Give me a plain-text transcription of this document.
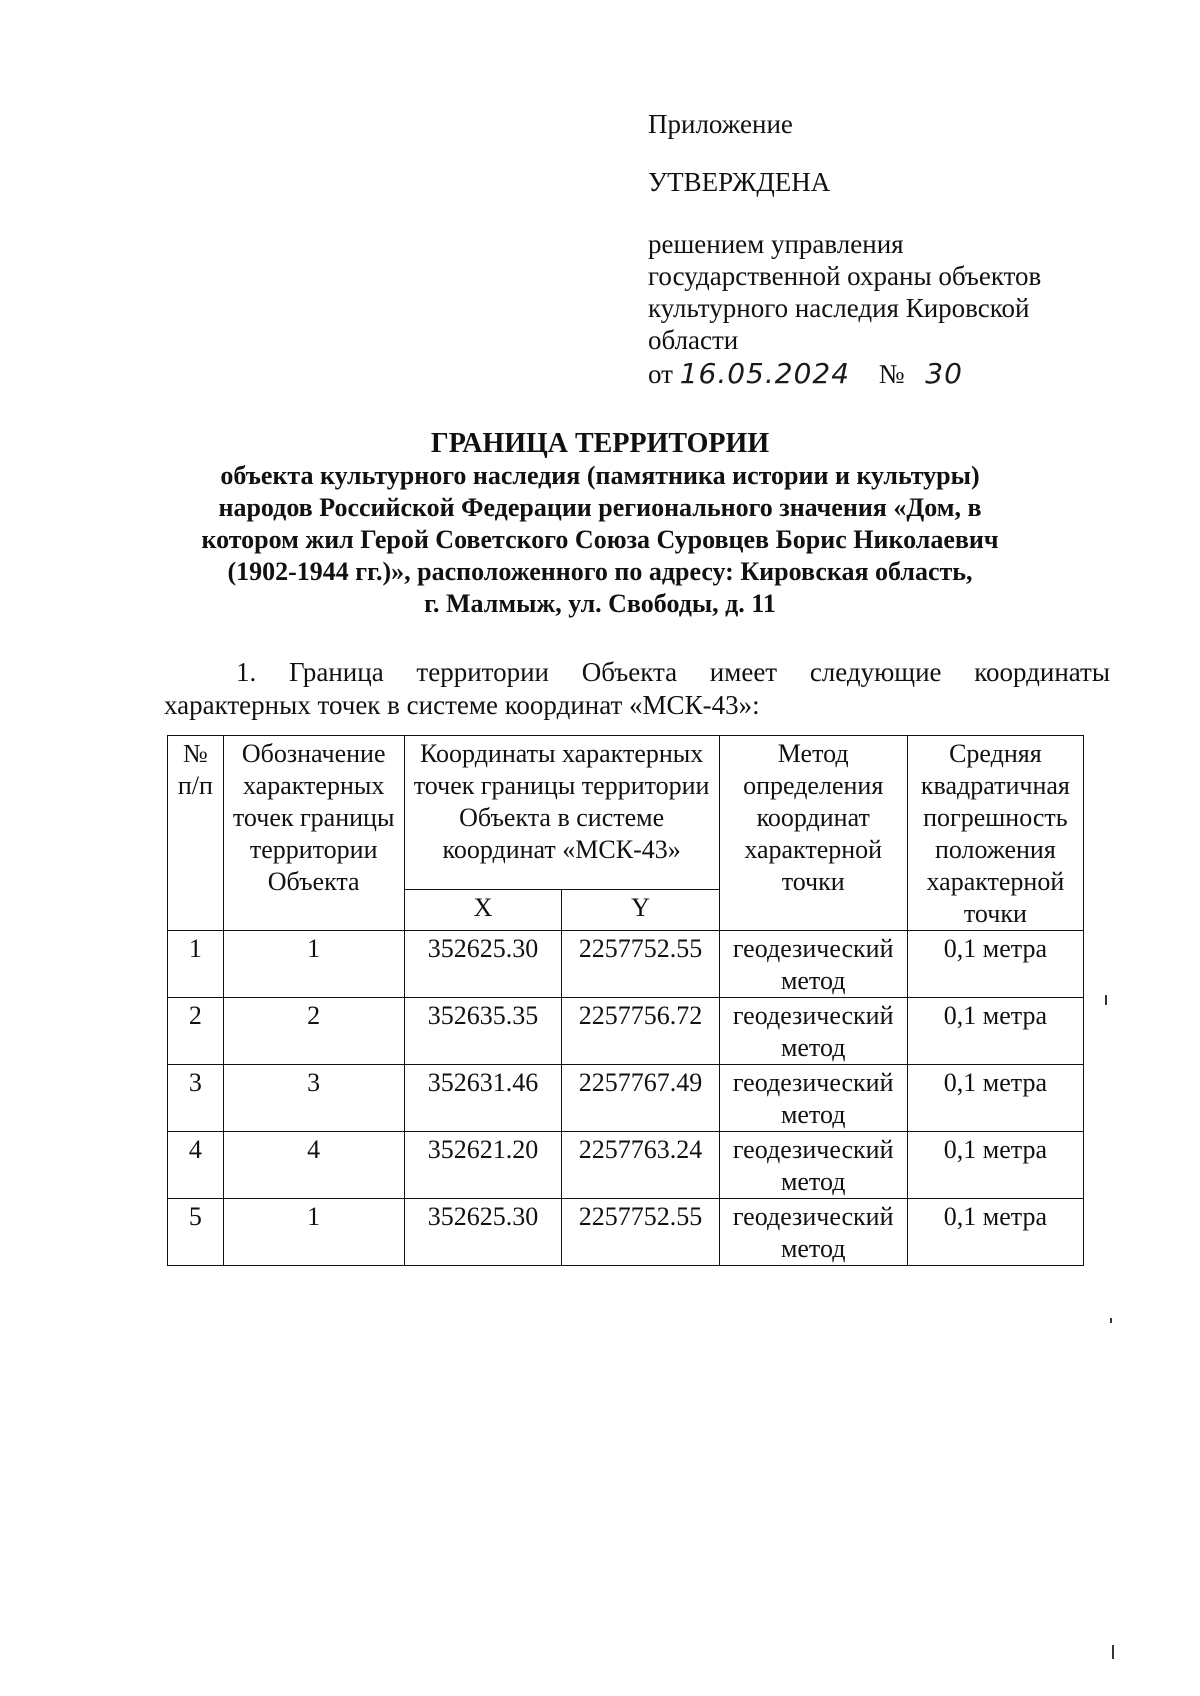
Приложение
УТВЕРЖДЕНА
решением управления
государственной охраны объектов
культурного наследия Кировской
области
от 16.05.2024 № 30
ГРАНИЦА ТЕРРИТОРИИ
объекта культурного наследия (памятника истории и культуры)
народов Российской Федерации регионального значения «Дом, в
котором жил Герой Советского Союза Суровцев Борис Николаевич
(1902-1944 гг.)», расположенного по адресу: Кировская область,
г. Малмыж, ул. Свободы, д. 11
1. Граница территории Объекта имеет следующие координаты
характерных точек в системе координат «МСК-43»:
№ п/п	Обозначение характерных точек границы территории Объекта	Координаты характерных точек границы территории Объекта в системе координат «МСК-43»		Метод определения координат характерной точки	Средняя квадратичная погрешность положения характерной точки
		X	Y		
1	1	352625.30	2257752.55	геодезический метод	0,1 метра
2	2	352635.35	2257756.72	геодезический метод	0,1 метра
3	3	352631.46	2257767.49	геодезический метод	0,1 метра
4	4	352621.20	2257763.24	геодезический метод	0,1 метра
5	1	352625.30	2257752.55	геодезический метод	0,1 метра
